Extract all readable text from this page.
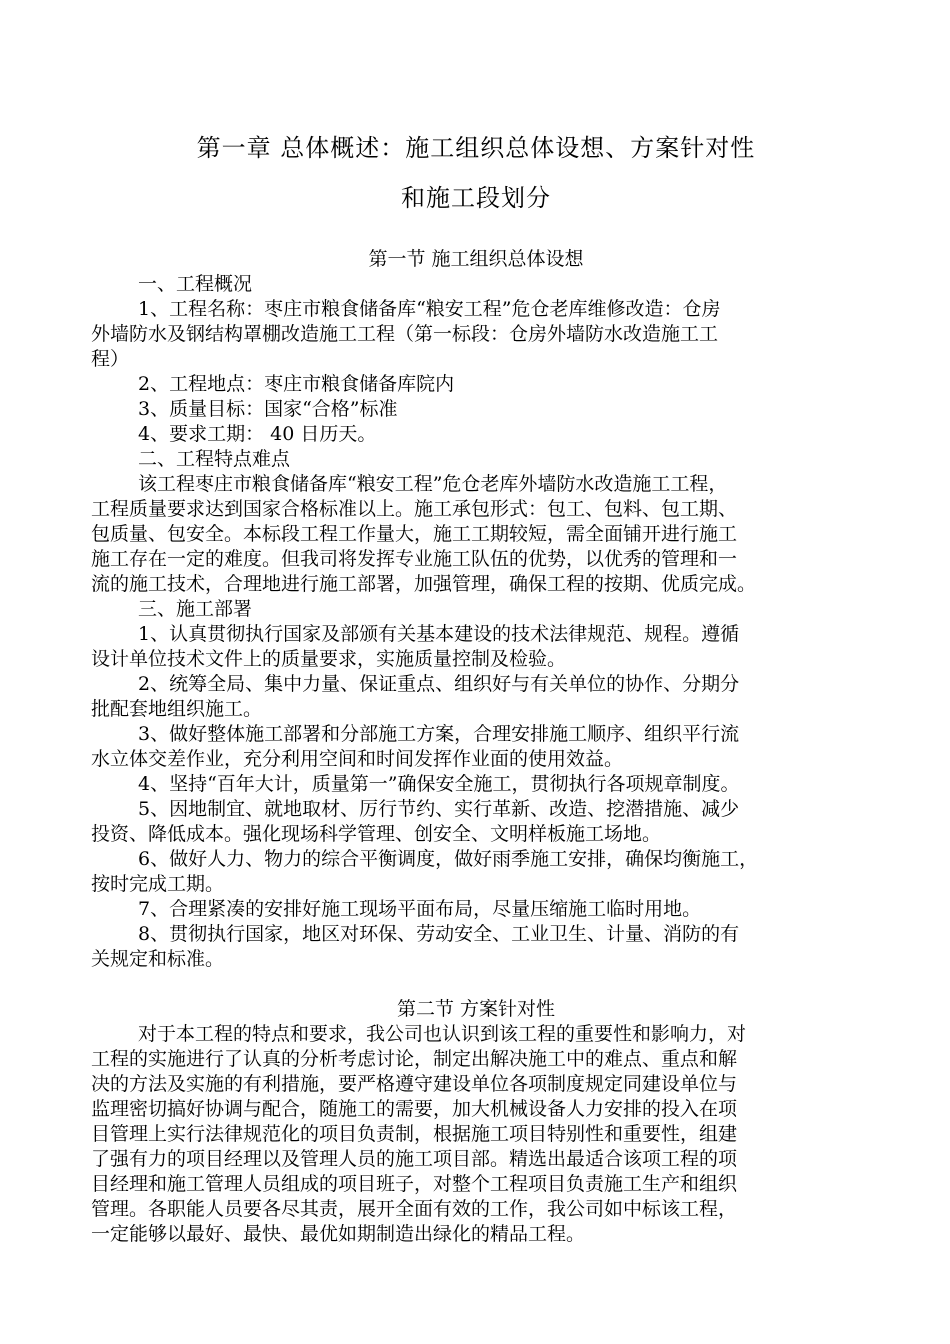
第一章 总体概述：施工组织总体设想、方案针对性
和施工段划分
第一节 施工组织总体设想
一、工程概况
1、工程名称：枣庄市粮食储备库“粮安工程”危仓老库维修改造：仓房
外墙防水及钢结构罩棚改造施工工程（第一标段：仓房外墙防水改造施工工
程）
2、工程地点：枣庄市粮食储备库院内
3、质量目标：国家“合格”标准
4、要求工期： 40 日历天。
二、工程特点难点
该工程枣庄市粮食储备库“粮安工程”危仓老库外墙防水改造施工工程，
工程质量要求达到国家合格标准以上。施工承包形式：包工、包料、包工期、
包质量、包安全。本标段工程工作量大，施工工期较短，需全面铺开进行施工
施工存在一定的难度。但我司将发挥专业施工队伍的优势，以优秀的管理和一
流的施工技术，合理地进行施工部署，加强管理，确保工程的按期、优质完成。
三、施工部署
1、认真贯彻执行国家及部颁有关基本建设的技术法律规范、规程。遵循
设计单位技术文件上的质量要求，实施质量控制及检验。
2、统筹全局、集中力量、保证重点、组织好与有关单位的协作、分期分
批配套地组织施工。
3、做好整体施工部署和分部施工方案，合理安排施工顺序、组织平行流
水立体交差作业，充分利用空间和时间发挥作业面的使用效益。
4、坚持“百年大计，质量第一”确保安全施工，贯彻执行各项规章制度。
5、因地制宜、就地取材、厉行节约、实行革新、改造、挖潜措施、减少
投资、降低成本。强化现场科学管理、创安全、文明样板施工场地。
6、做好人力、物力的综合平衡调度，做好雨季施工安排，确保均衡施工，
按时完成工期。
7、合理紧凑的安排好施工现场平面布局，尽量压缩施工临时用地。
8、贯彻执行国家，地区对环保、劳动安全、工业卫生、计量、消防的有
关规定和标准。
第二节 方案针对性
对于本工程的特点和要求，我公司也认识到该工程的重要性和影响力，对
工程的实施进行了认真的分析考虑讨论，制定出解决施工中的难点、重点和解
决的方法及实施的有利措施，要严格遵守建设单位各项制度规定同建设单位与
监理密切搞好协调与配合，随施工的需要，加大机械设备人力安排的投入在项
目管理上实行法律规范化的项目负责制，根据施工项目特别性和重要性，组建
了强有力的项目经理以及管理人员的施工项目部。精选出最适合该项工程的项
目经理和施工管理人员组成的项目班子，对整个工程项目负责施工生产和组织
管理。各职能人员要各尽其责，展开全面有效的工作，我公司如中标该工程，
一定能够以最好、最快、最优如期制造出绿化的精品工程。
